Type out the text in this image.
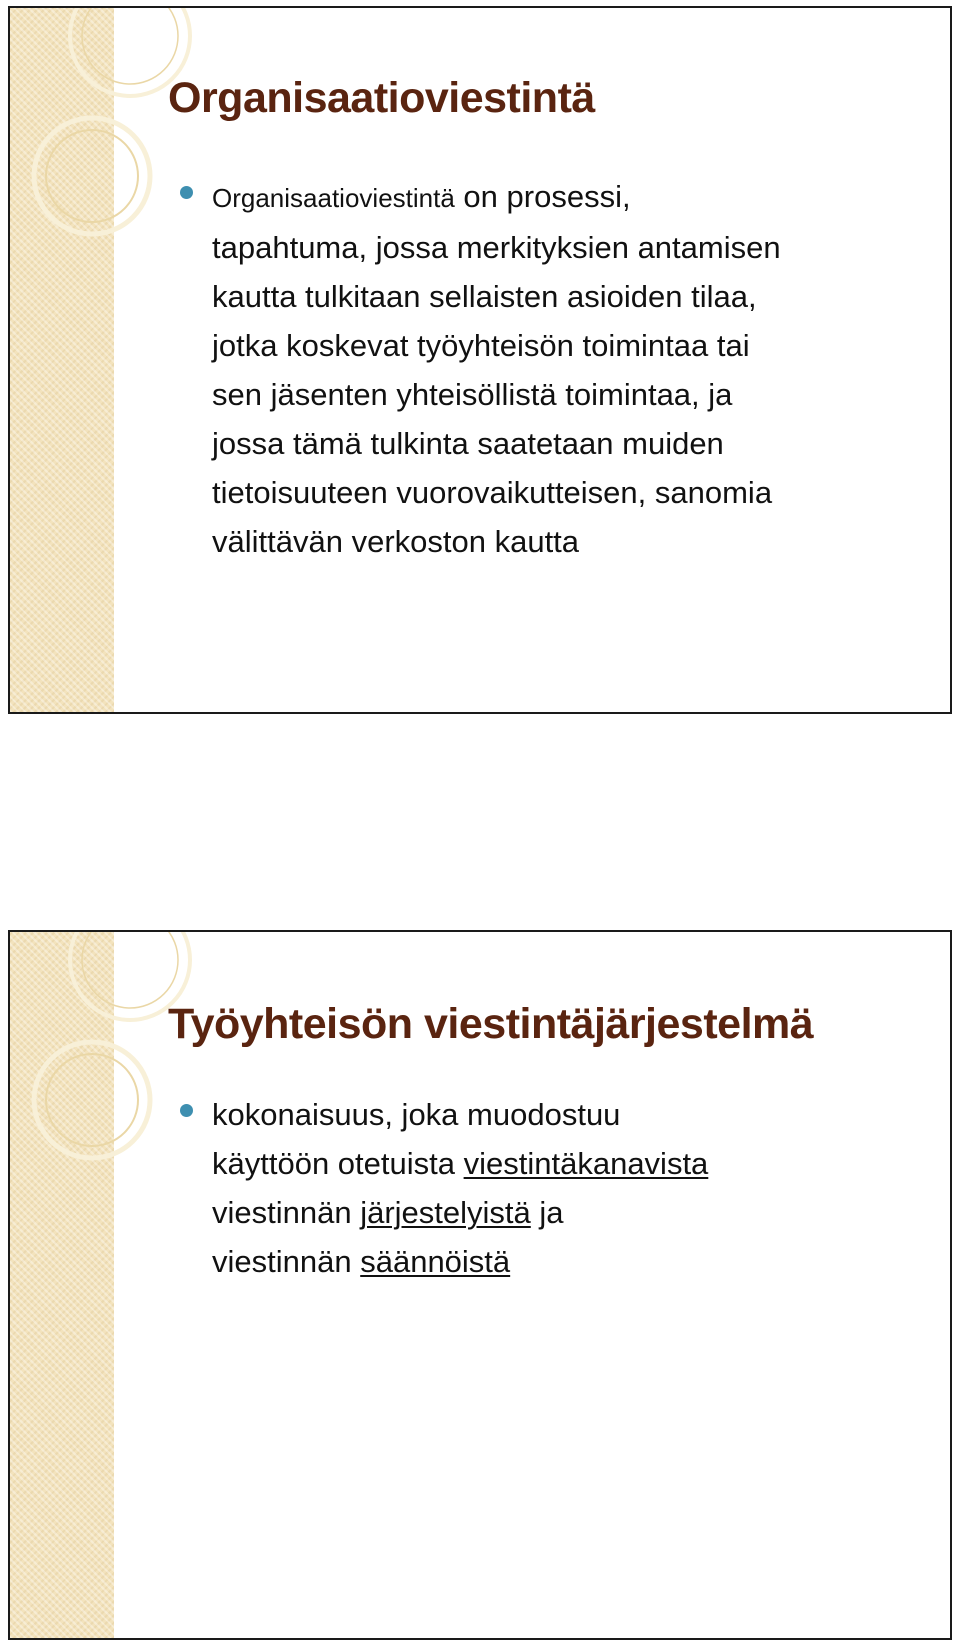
Organisaatioviestintä
Organisaatioviestintä on prosessi,
tapahtuma, jossa merkityksien antamisen
kautta tulkitaan sellaisten asioiden tilaa,
jotka koskevat työyhteisön toimintaa tai
sen jäsenten yhteisöllistä toimintaa, ja
jossa tämä tulkinta saatetaan muiden
tietoisuuteen vuorovaikutteisen, sanomia
välittävän verkoston kautta
Työyhteisön viestintäjärjestelmä
kokonaisuus, joka muodostuu
käyttöön otetuista viestintäkanavista
viestinnän järjestelyistä ja
viestinnän säännöistä
